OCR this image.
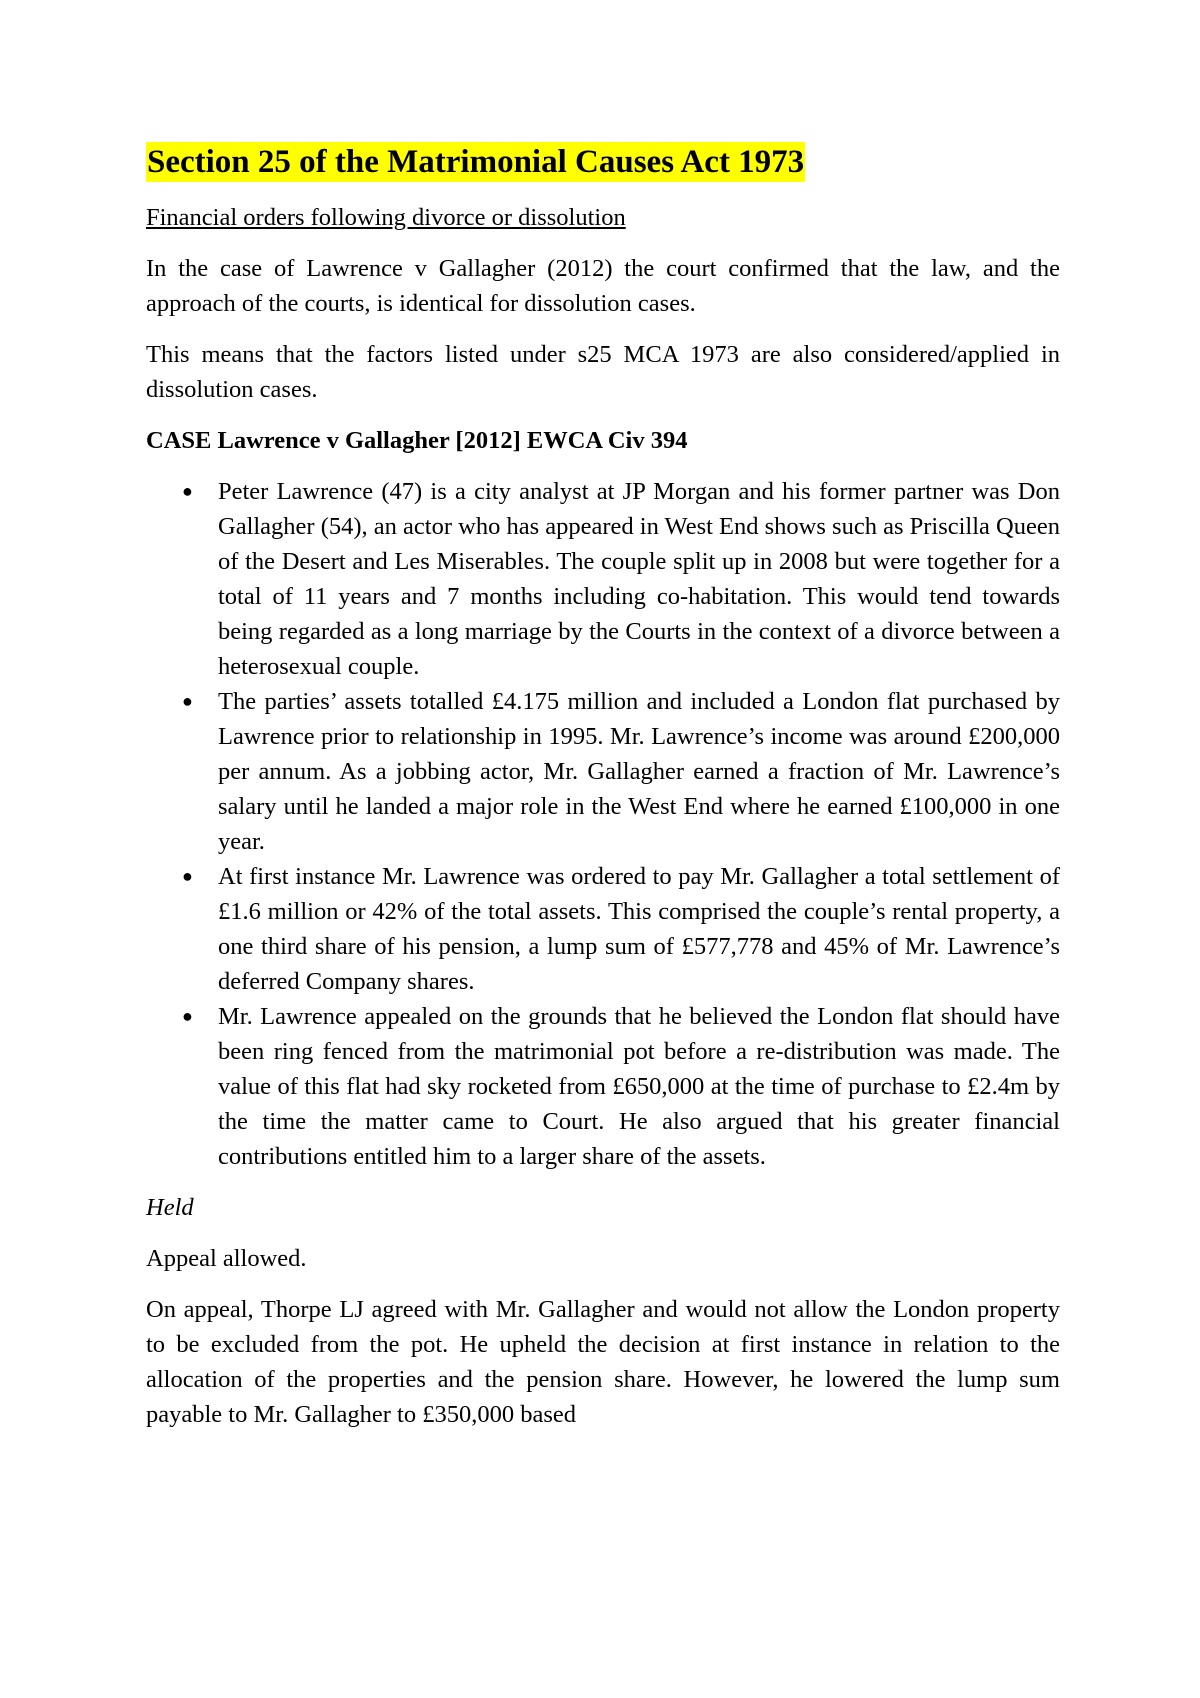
Section 25 of the Matrimonial Causes Act 1973

Financial orders following divorce or dissolution

In the case of Lawrence v Gallagher (2012) the court confirmed that the law, and the approach of the courts, is identical for dissolution cases.

This means that the factors listed under s25 MCA 1973 are also considered/applied in dissolution cases.

CASE Lawrence v Gallagher [2012] EWCA Civ 394

● Peter Lawrence (47) is a city analyst at JP Morgan and his former partner was Don Gallagher (54), an actor who has appeared in West End shows such as Priscilla Queen of the Desert and Les Miserables. The couple split up in 2008 but were together for a total of 11 years and 7 months including co-habitation. This would tend towards being regarded as a long marriage by the Courts in the context of a divorce between a heterosexual couple.
● The parties’ assets totalled £4.175 million and included a London flat purchased by Lawrence prior to relationship in 1995. Mr. Lawrence’s income was around £200,000 per annum. As a jobbing actor, Mr. Gallagher earned a fraction of Mr. Lawrence’s salary until he landed a major role in the West End where he earned £100,000 in one year.
● At first instance Mr. Lawrence was ordered to pay Mr. Gallagher a total settlement of £1.6 million or 42% of the total assets. This comprised the couple’s rental property, a one third share of his pension, a lump sum of £577,778 and 45% of Mr. Lawrence’s deferred Company shares.
● Mr. Lawrence appealed on the grounds that he believed the London flat should have been ring fenced from the matrimonial pot before a re-distribution was made. The value of this flat had sky rocketed from £650,000 at the time of purchase to £2.4m by the time the matter came to Court. He also argued that his greater financial contributions entitled him to a larger share of the assets.

Held

Appeal allowed.

On appeal, Thorpe LJ agreed with Mr. Gallagher and would not allow the London property to be excluded from the pot. He upheld the decision at first instance in relation to the allocation of the properties and the pension share. However, he lowered the lump sum payable to Mr. Gallagher to £350,000 based
